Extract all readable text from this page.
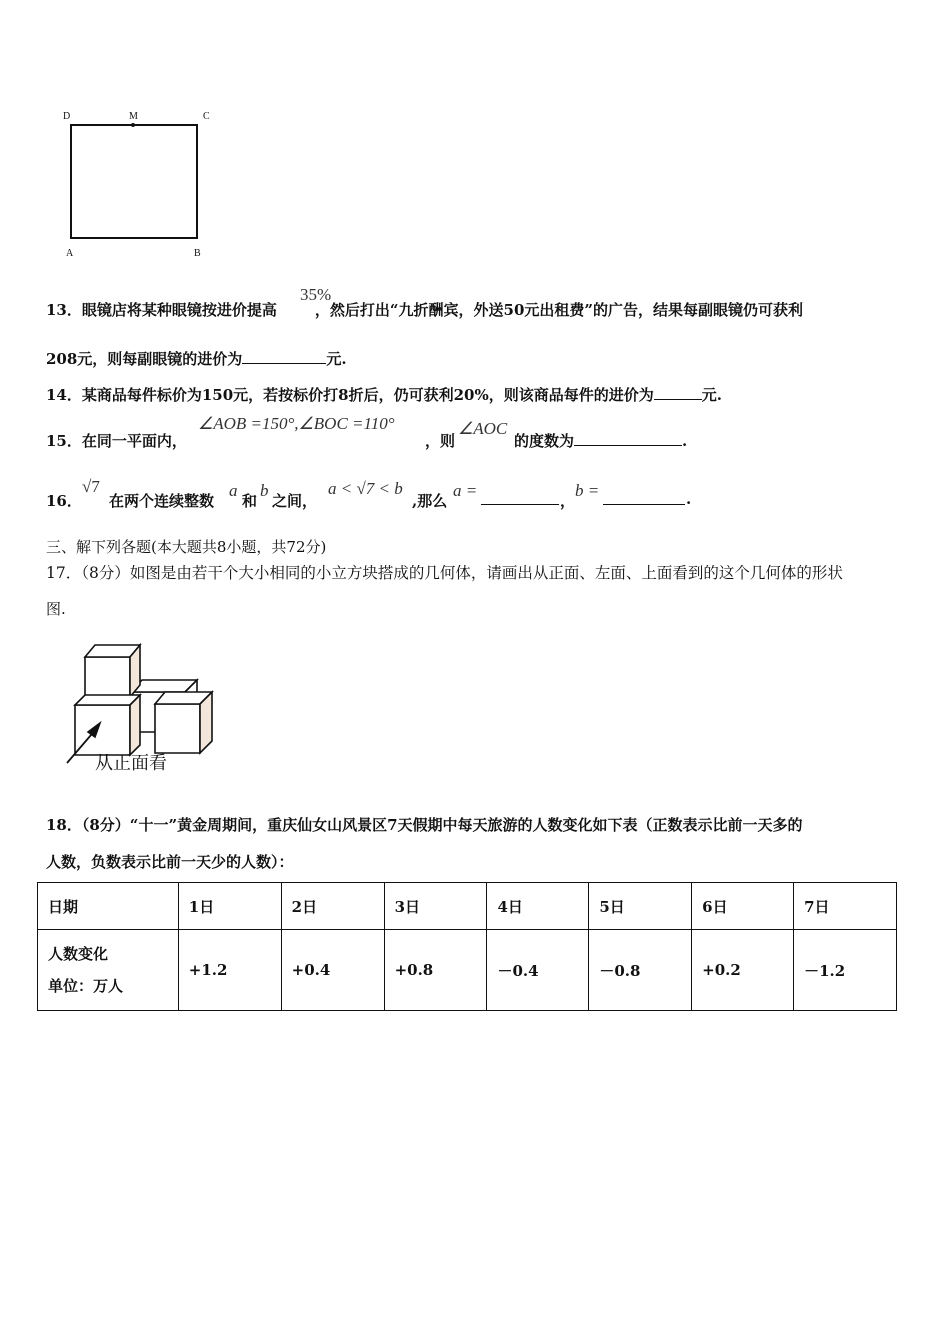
D	M	C
A	B
13．眼镜店将某种眼镜按进价提高	，然后打出“九折酬宾，外送50元出租费”的广告，结果每副眼镜仍可获利
35%
208元，则每副眼镜的进价为	元.
14．某商品每件标价为150元，若按标价打8折后，仍可获利20%，则该商品每件的进价为	元.
15．在同一平面内，
∠AOB =150°,∠BOC =110°
，则
∠AOC
的度数为	.
16．
√7
在两个连续整数
a
和
b
之间，
a < √7 < b
,那么
a =
，
b =	.
三、解下列各题(本大题共8小题，共72分)
17．（8分）如图是由若干个大小相同的小立方块搭成的几何体，请画出从正面、左面、上面看到的这个几何体的形状
图.
从正面看
18．（8分）“十一”黄金周期间，重庆仙女山风景区7天假期中每天旅游的人数变化如下表（正数表示比前一天多的
人数，负数表示比前一天少的人数）：
日期	1日	2日	3日	4日	5日	6日	7日

人数变化
单位：万人	+1.2	+0.4	+0.8	－0.4	－0.8	+0.2	－1.2
